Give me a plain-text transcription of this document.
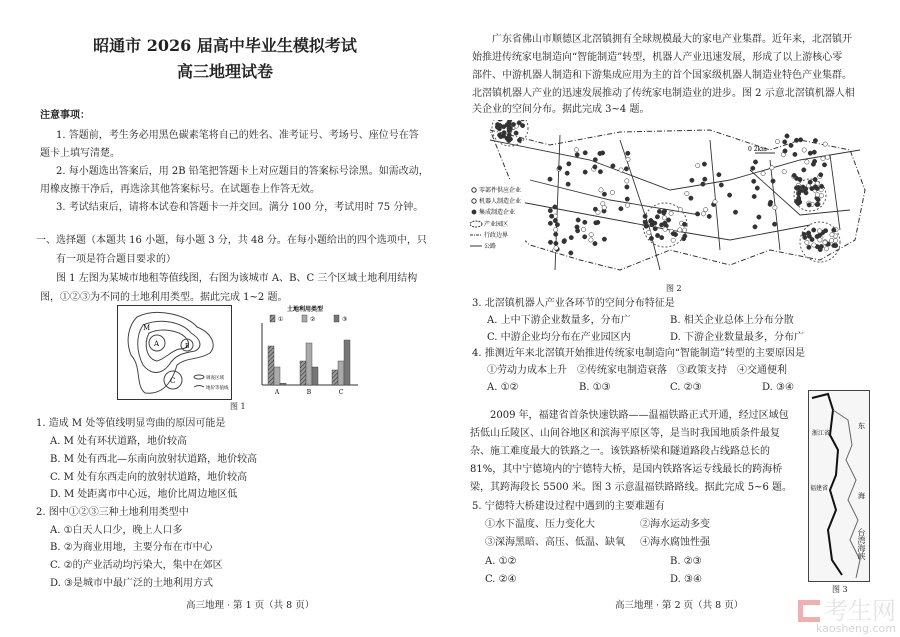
昭通市 2026 届高中毕业生模拟考试
高三地理试卷
注意事项：
1. 答题前，考生务必用黑色碳素笔将自己的姓名、准考证号、考场号、座位号在答
题卡上填写清楚。
2. 每小题选出答案后，用 2B 铅笔把答题卡上对应题目的答案标号涂黑。如需改动，
用橡皮擦干净后，再选涂其他答案标号。在试题卷上作答无效。
3. 考试结束后，请将本试卷和答题卡一并交回。满分 100 分，考试用时 75 分钟。
一、选择题（本题共 16 小题，每小题 3 分，共 48 分。在每小题给出的四个选项中，只
有一项是符合题目要求的）
图 1 左图为某城市地租等值线图，右图为该城市 A、B、C 三个区域土地利用结构
图，①②③为不同的土地利用类型。据此完成 1~2 题。
M
A	B
C	调查区域
地价等值线
土地利用类型
A	B	C
①	②	③
图 1
1. 造成 M 处等值线明显弯曲的原因可能是
A. M 处有环状道路，地价较高
B. M 处有西北—东南向放射状道路，地价较高
C. M 处有东西走向的放射状道路，地价较高
D. M 处距离市中心远，地价比周边地区低
2. 图中①②③三种土地利用类型中
A. ①白天人口少，晚上人口多
B. ②为商业用地，主要分布在市中心
C. ②的产业活动均污染大，集中在郊区
D. ③是城市中最广泛的土地利用方式
高三地理 · 第 1 页（共 8 页）
广东省佛山市顺德区北滘镇拥有全球规模最大的家电产业集群。近年来，北滘镇开
始推进传统家电制造向“智能制造”转型，机器人产业迅速发展，形成了以上游核心零
部件、中游机器人制造和下游集成应用为主的首个国家级机器人制造业特色产业集群。
北滘镇机器人产业的迅速发展推动了传统家电制造业的进步。图 2 示意北滘镇机器人相
关企业的空间分布。据此完成 3~4 题。
0 2km
零部件供应企业
机器人制造企业
集成制造企业
产业园区
行政边界
公路
图 2
3. 北滘镇机器人产业各环节的空间分布特征是
A. 上中下游企业数量多，分布广	B. 相关企业总体上分布分散
C. 中游企业均分布在产业园区内	D. 下游企业数量最多，分布广
4. 推测近年来北滘镇开始推进传统家电制造向“智能制造”转型的主要原因是
①劳动力成本上升　②传统家电制造衰落　③政策支持　④交通便利
A. ①②	B. ①③	C. ②③	D. ③④
2009 年，福建省首条快速铁路——温福铁路正式开通，经过区域包
括低山丘陵区、山间谷地区和滨海平原区等，是当时我国地质条件最复
杂、施工难度最大的铁路之一。该铁路桥梁和隧道路段占线路总长的
81%，其中宁德境内的宁德特大桥，是国内铁路客运专线最长的跨海桥
梁，其跨海段长 5500 米。图 3 示意温福铁路路线。据此完成 5~6 题。
5. 宁德特大桥建设过程中遇到的主要难题有
①水下温度、压力变化大	②海水运动多变
③深海黑暗、高压、低温、缺氧 ④海水腐蚀性强
A. ①②	B. ②③
C. ②④	D. ③④
浙江省
福建省
东
海
台湾海峡
图 3
高三地理 · 第 2 页（共 8 页）	考生网
kaosheng.com
